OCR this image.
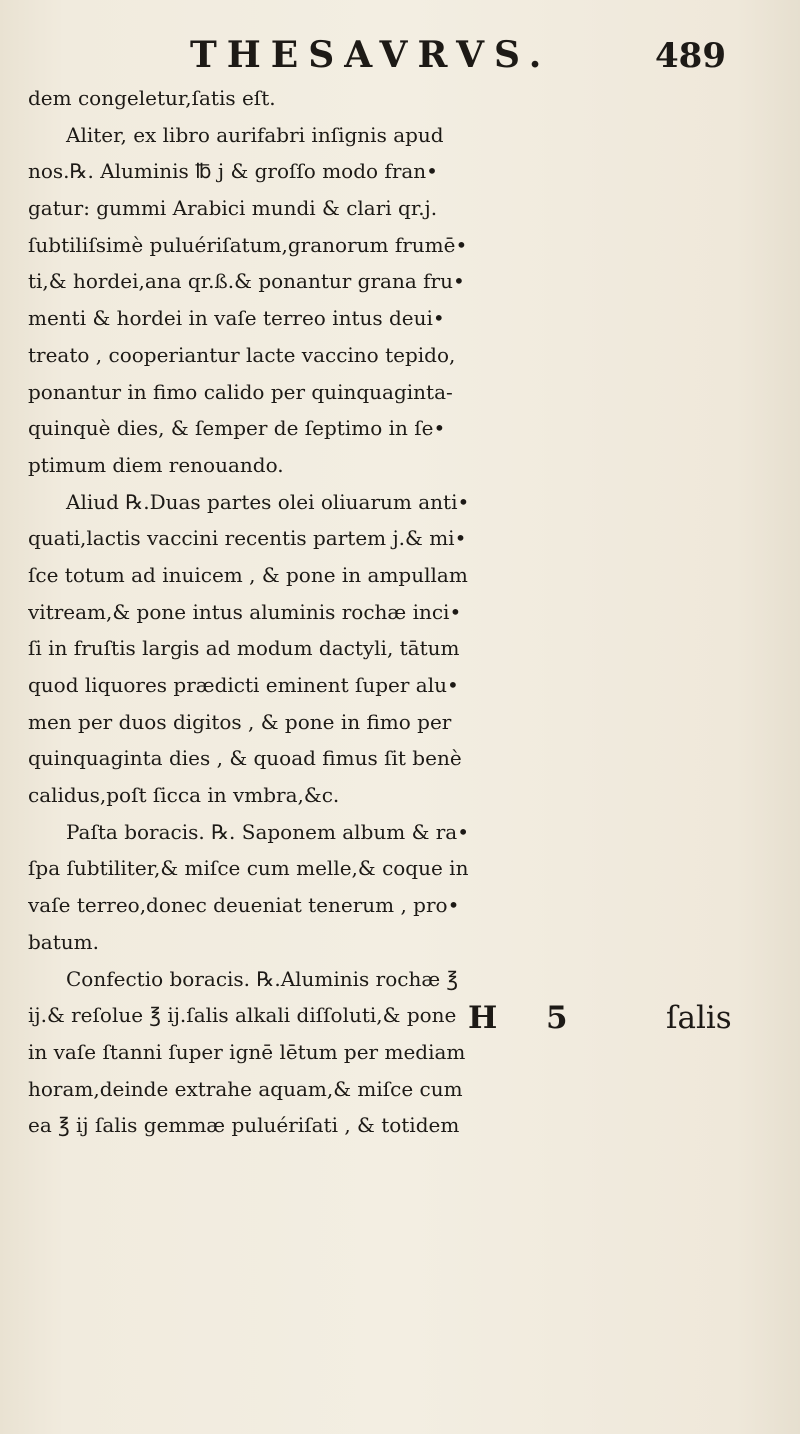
THESAVRVS.	489
dem congeletur,ſatis eſt.
Aliter, ex libro aurifabri inſignis apud
nos.℞. Aluminis ℔ j & groſſo modo fran•
gatur: gummi Arabici mundi & clari qr.j.
ſubtiliſsimè puluériſatum,granorum frumē•
ti,& hordei,ana qr.ß.& ponantur grana fru•
menti & hordei in vaſe terreo intus deui•
treato , cooperiantur lacte vaccino tepido,
ponantur in fimo calido per quinquaginta-
quinquè dies, & ſemper de ſeptimo in ſe•
ptimum diem renouando.
Aliud ℞.Duas partes olei oliuarum anti•
quati,lactis vaccini recentis partem j.& mi•
ſce totum ad inuicem , & pone in ampullam
vitream,& pone intus aluminis rochæ inci•
ſi in fruſtis largis ad modum dactyli, tātum
quod liquores prædicti eminent ſuper alu•
men per duos digitos , & pone in fimo per
quinquaginta dies , & quoad fimus ſit benè
calidus,poſt ſicca in vmbra,&c.
Paſta boracis. ℞. Saponem album & ra•
ſpa ſubtiliter,& miſce cum melle,& coque in
vaſe terreo,donec deueniat tenerum , pro•
batum.
Confectio boracis. ℞.Aluminis rochæ ℥
ij.& reſolue ℥ ij.ſalis alkali diſſoluti,& pone
in vaſe ſtanni ſuper ignē lētum per mediam
horam,deinde extrahe aquam,& miſce cum
ea ℥ ij ſalis gemmæ puluériſati , & totidem
H 5	ſalis
